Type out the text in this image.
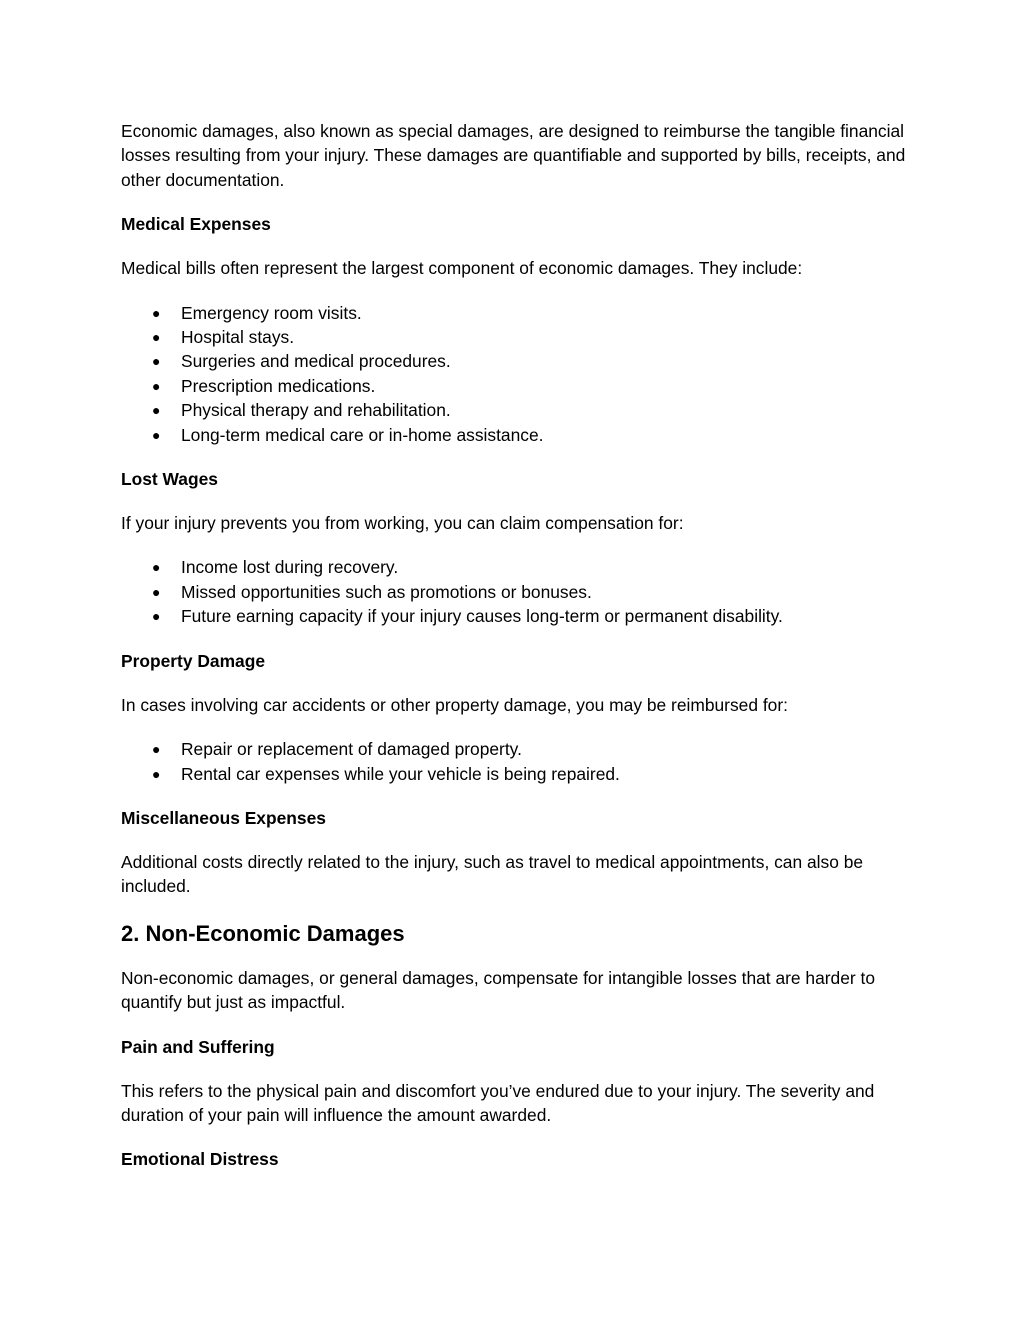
Economic damages, also known as special damages, are designed to reimburse the tangible financial losses resulting from your injury. These damages are quantifiable and supported by bills, receipts, and other documentation.

Medical Expenses

Medical bills often represent the largest component of economic damages. They include:

● Emergency room visits.
● Hospital stays.
● Surgeries and medical procedures.
● Prescription medications.
● Physical therapy and rehabilitation.
● Long-term medical care or in-home assistance.

Lost Wages

If your injury prevents you from working, you can claim compensation for:

● Income lost during recovery.
● Missed opportunities such as promotions or bonuses.
● Future earning capacity if your injury causes long-term or permanent disability.

Property Damage

In cases involving car accidents or other property damage, you may be reimbursed for:

● Repair or replacement of damaged property.
● Rental car expenses while your vehicle is being repaired.

Miscellaneous Expenses

Additional costs directly related to the injury, such as travel to medical appointments, can also be included.

2. Non-Economic Damages

Non-economic damages, or general damages, compensate for intangible losses that are harder to quantify but just as impactful.

Pain and Suffering

This refers to the physical pain and discomfort you’ve endured due to your injury. The severity and duration of your pain will influence the amount awarded.

Emotional Distress
